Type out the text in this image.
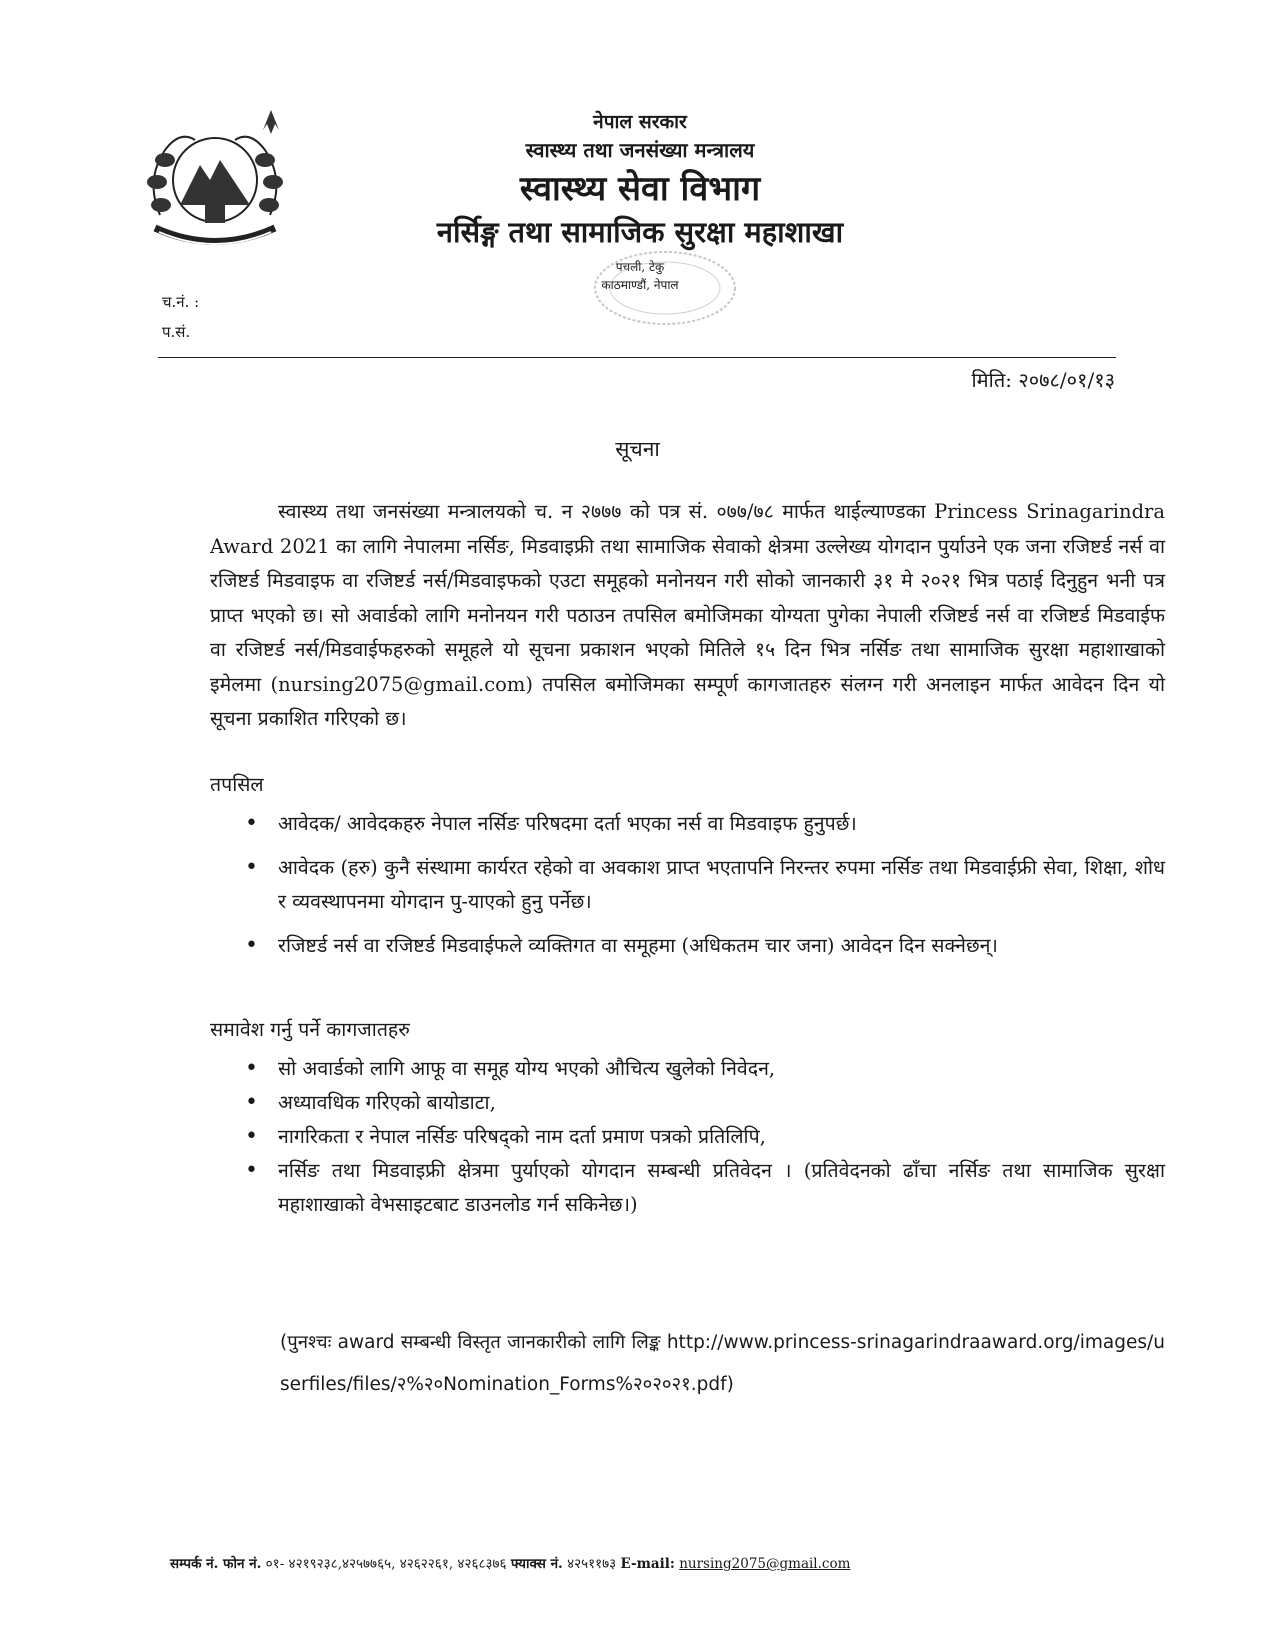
नेपाल सरकार
स्वास्थ्य तथा जनसंख्या मन्त्रालय
स्वास्थ्य सेवा विभाग
नर्सिङ्ग तथा सामाजिक सुरक्षा महाशाखा
पचली, टेकु
काठमाण्डौं, नेपाल
च.नं. :
प.सं.
मिति: २०७८/०१/१३
सूचना
स्वास्थ्य तथा जनसंख्या मन्त्रालयको च. न २७७७ को पत्र सं. ०७७/७८ मार्फत थाईल्याण्डका Princess Srinagarindra Award 2021 का लागि नेपालमा नर्सिङ, मिडवाइफ्री तथा सामाजिक सेवाको क्षेत्रमा उल्लेख्य योगदान पुर्याउने एक जना रजिष्टर्ड नर्स वा रजिष्टर्ड मिडवाइफ वा रजिष्टर्ड नर्स/मिडवाइफको एउटा समूहको मनोनयन गरी सोको जानकारी ३१ मे २०२१ भित्र पठाई दिनुहुन भनी पत्र प्राप्त भएको छ। सो अवार्डको लागि मनोनयन गरी पठाउन तपसिल बमोजिमका योग्यता पुगेका नेपाली रजिष्टर्ड नर्स वा रजिष्टर्ड मिडवाईफ वा रजिष्टर्ड नर्स/मिडवाईफहरुको समूहले यो सूचना प्रकाशन भएको मितिले १५ दिन भित्र नर्सिङ तथा सामाजिक सुरक्षा महाशाखाको इमेलमा (nursing2075@gmail.com) तपसिल बमोजिमका सम्पूर्ण कागजातहरु संलग्न गरी अनलाइन मार्फत आवेदन दिन यो सूचना प्रकाशित गरिएको छ।
तपसिल
• आवेदक/ आवेदकहरु नेपाल नर्सिङ परिषदमा दर्ता भएका नर्स वा मिडवाइफ हुनुपर्छ।
• आवेदक (हरु) कुनै संस्थामा कार्यरत रहेको वा अवकाश प्राप्त भएतापनि निरन्तर रुपमा नर्सिङ तथा मिडवाईफ्री सेवा, शिक्षा, शोध र व्यवस्थापनमा योगदान पु-याएको हुनु पर्नेछ।
• रजिष्टर्ड नर्स वा रजिष्टर्ड मिडवाईफले व्यक्तिगत वा समूहमा (अधिकतम चार जना) आवेदन दिन सक्नेछन्।
समावेश गर्नु पर्ने कागजातहरु
• सो अवार्डको लागि आफू वा समूह योग्य भएको औचित्य खुलेको निवेदन,
• अध्यावधिक गरिएको बायोडाटा,
• नागरिकता र नेपाल नर्सिङ परिषद्को नाम दर्ता प्रमाण पत्रको प्रतिलिपि,
• नर्सिङ तथा मिडवाइफ्री क्षेत्रमा पुर्याएको योगदान सम्बन्धी प्रतिवेदन । (प्रतिवेदनको ढाँचा नर्सिङ तथा सामाजिक सुरक्षा महाशाखाको वेभसाइटबाट डाउनलोड गर्न सकिनेछ।)
(पुनश्चः award सम्बन्धी विस्तृत जानकारीको लागि लिङ्क http://www.princess-srinagarindraaward.org/images/userfiles/files/२%२०Nomination_Forms%२०२०२१.pdf)
सम्पर्क नं. फोन नं. ०१- ४२१९२३८,४२५७७६५, ४२६२२६१, ४२६८३७६ फ्याक्स नं. ४२५११७३ E-mail: nursing2075@gmail.com
